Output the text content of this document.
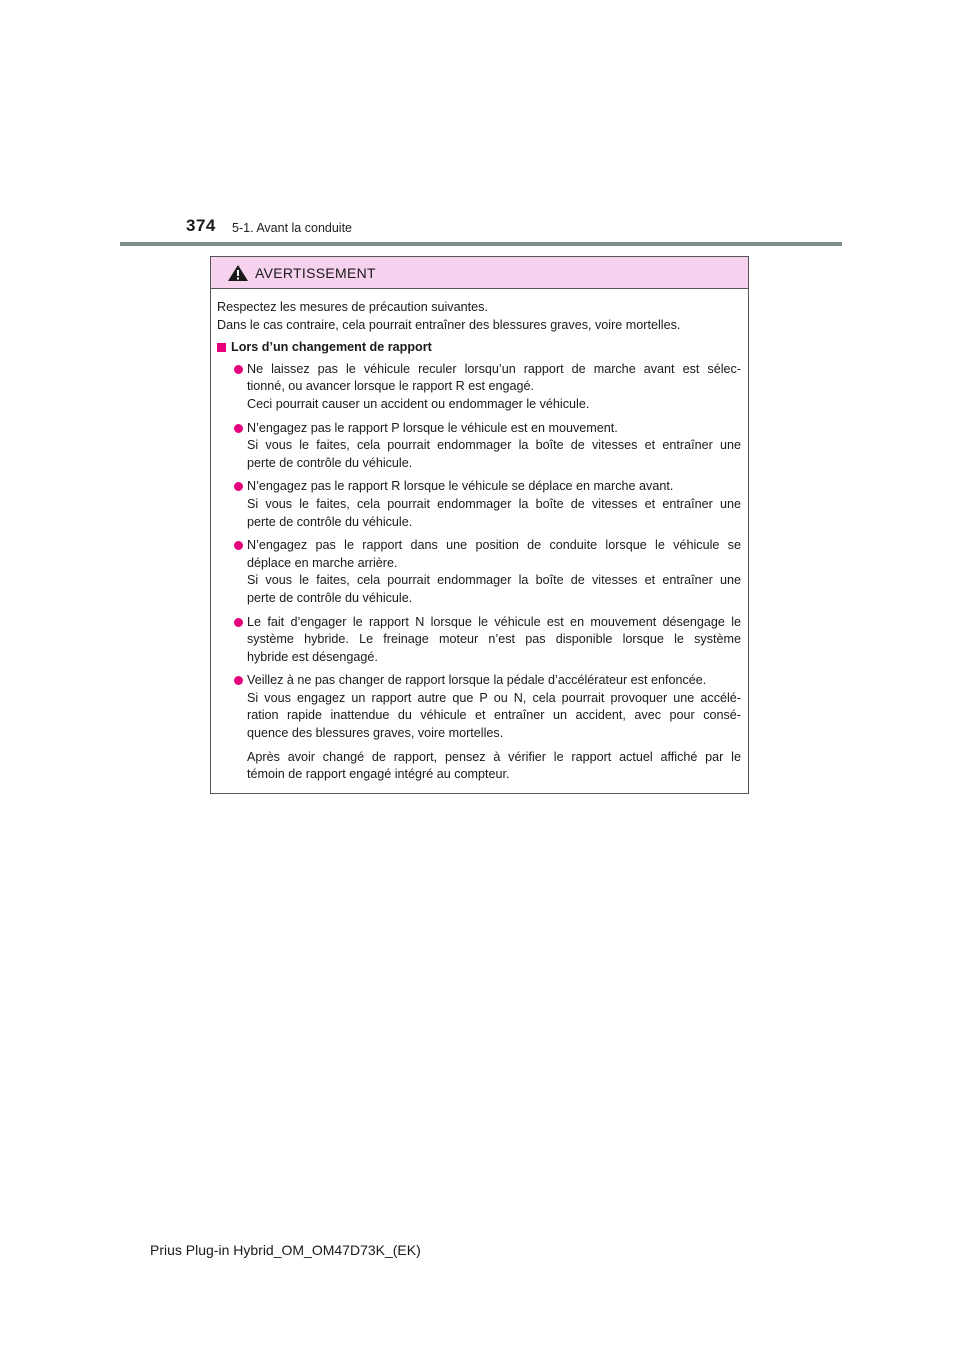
374 5-1. Avant la conduite
AVERTISSEMENT
Respectez les mesures de précaution suivantes.
Dans le cas contraire, cela pourrait entraîner des blessures graves, voire mortelles.
Lors d’un changement de rapport
Ne laissez pas le véhicule reculer lorsqu’un rapport de marche avant est sélec-
tionné, ou avancer lorsque le rapport R est engagé.
Ceci pourrait causer un accident ou endommager le véhicule.
N’engagez pas le rapport P lorsque le véhicule est en mouvement.
Si vous le faites, cela pourrait endommager la boîte de vitesses et entraîner une
perte de contrôle du véhicule.
N’engagez pas le rapport R lorsque le véhicule se déplace en marche avant.
Si vous le faites, cela pourrait endommager la boîte de vitesses et entraîner une
perte de contrôle du véhicule.
N’engagez pas le rapport dans une position de conduite lorsque le véhicule se
déplace en marche arrière.
Si vous le faites, cela pourrait endommager la boîte de vitesses et entraîner une
perte de contrôle du véhicule.
Le fait d’engager le rapport N lorsque le véhicule est en mouvement désengage le
système hybride. Le freinage moteur n’est pas disponible lorsque le système
hybride est désengagé.
Veillez à ne pas changer de rapport lorsque la pédale d’accélérateur est enfoncée.
Si vous engagez un rapport autre que P ou N, cela pourrait provoquer une accélé-
ration rapide inattendue du véhicule et entraîner un accident, avec pour consé-
quence des blessures graves, voire mortelles.
Après avoir changé de rapport, pensez à vérifier le rapport actuel affiché par le
témoin de rapport engagé intégré au compteur.
Prius Plug-in Hybrid_OM_OM47D73K_(EK)
